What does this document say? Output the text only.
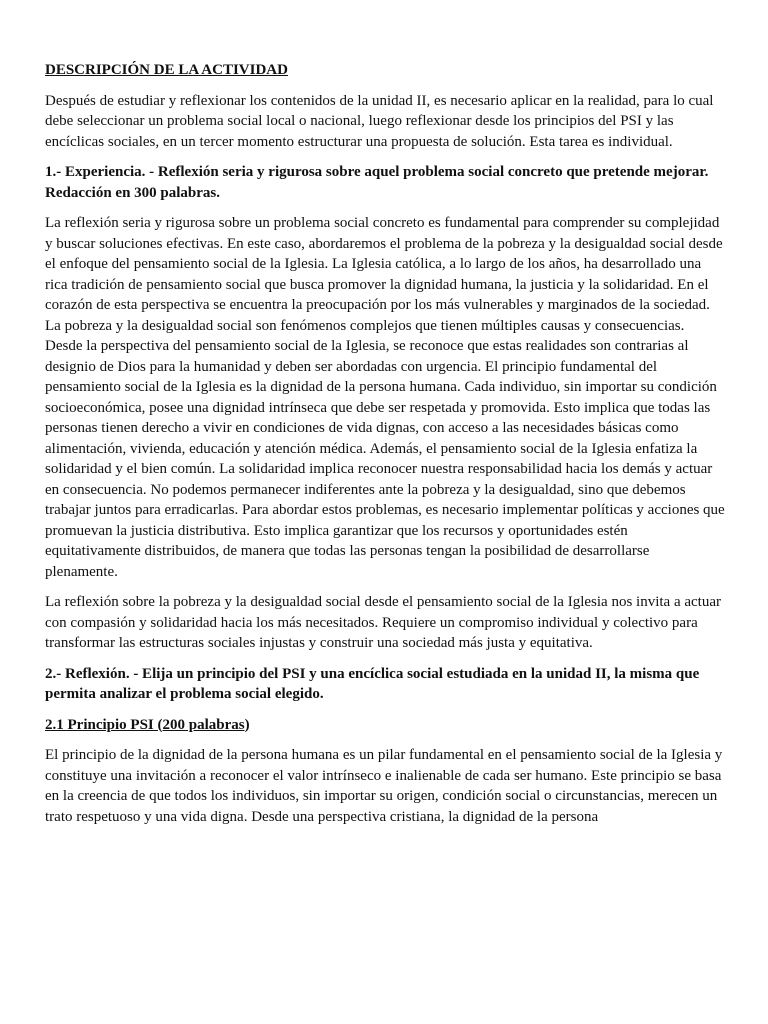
DESCRIPCIÓN DE LA ACTIVIDAD

Después de estudiar y reflexionar los contenidos de la unidad II, es necesario aplicar en la realidad, para lo cual debe seleccionar un problema social local o nacional, luego reflexionar desde los principios del PSI y las encíclicas sociales, en un tercer momento estructurar una propuesta de solución. Esta tarea es individual.

1.- Experiencia. - Reflexión seria y rigurosa sobre aquel problema social concreto que pretende mejorar. Redacción en 300 palabras.

La reflexión seria y rigurosa sobre un problema social concreto es fundamental para comprender su complejidad y buscar soluciones efectivas. En este caso, abordaremos el problema de la pobreza y la desigualdad social desde el enfoque del pensamiento social de la Iglesia. La Iglesia católica, a lo largo de los años, ha desarrollado una rica tradición de pensamiento social que busca promover la dignidad humana, la justicia y la solidaridad. En el corazón de esta perspectiva se encuentra la preocupación por los más vulnerables y marginados de la sociedad. La pobreza y la desigualdad social son fenómenos complejos que tienen múltiples causas y consecuencias. Desde la perspectiva del pensamiento social de la Iglesia, se reconoce que estas realidades son contrarias al designio de Dios para la humanidad y deben ser abordadas con urgencia. El principio fundamental del pensamiento social de la Iglesia es la dignidad de la persona humana. Cada individuo, sin importar su condición socioeconómica, posee una dignidad intrínseca que debe ser respetada y promovida. Esto implica que todas las personas tienen derecho a vivir en condiciones de vida dignas, con acceso a las necesidades básicas como alimentación, vivienda, educación y atención médica. Además, el pensamiento social de la Iglesia enfatiza la solidaridad y el bien común. La solidaridad implica reconocer nuestra responsabilidad hacia los demás y actuar en consecuencia. No podemos permanecer indiferentes ante la pobreza y la desigualdad, sino que debemos trabajar juntos para erradicarlas. Para abordar estos problemas, es necesario implementar políticas y acciones que promuevan la justicia distributiva. Esto implica garantizar que los recursos y oportunidades estén equitativamente distribuidos, de manera que todas las personas tengan la posibilidad de desarrollarse plenamente.

La reflexión sobre la pobreza y la desigualdad social desde el pensamiento social de la Iglesia nos invita a actuar con compasión y solidaridad hacia los más necesitados. Requiere un compromiso individual y colectivo para transformar las estructuras sociales injustas y construir una sociedad más justa y equitativa.

2.- Reflexión. - Elija un principio del PSI y una encíclica social estudiada en la unidad II, la misma que permita analizar el problema social elegido.

2.1 Principio PSI (200 palabras)

El principio de la dignidad de la persona humana es un pilar fundamental en el pensamiento social de la Iglesia y constituye una invitación a reconocer el valor intrínseco e inalienable de cada ser humano. Este principio se basa en la creencia de que todos los individuos, sin importar su origen, condición social o circunstancias, merecen un trato respetuoso y una vida digna. Desde una perspectiva cristiana, la dignidad de la persona
